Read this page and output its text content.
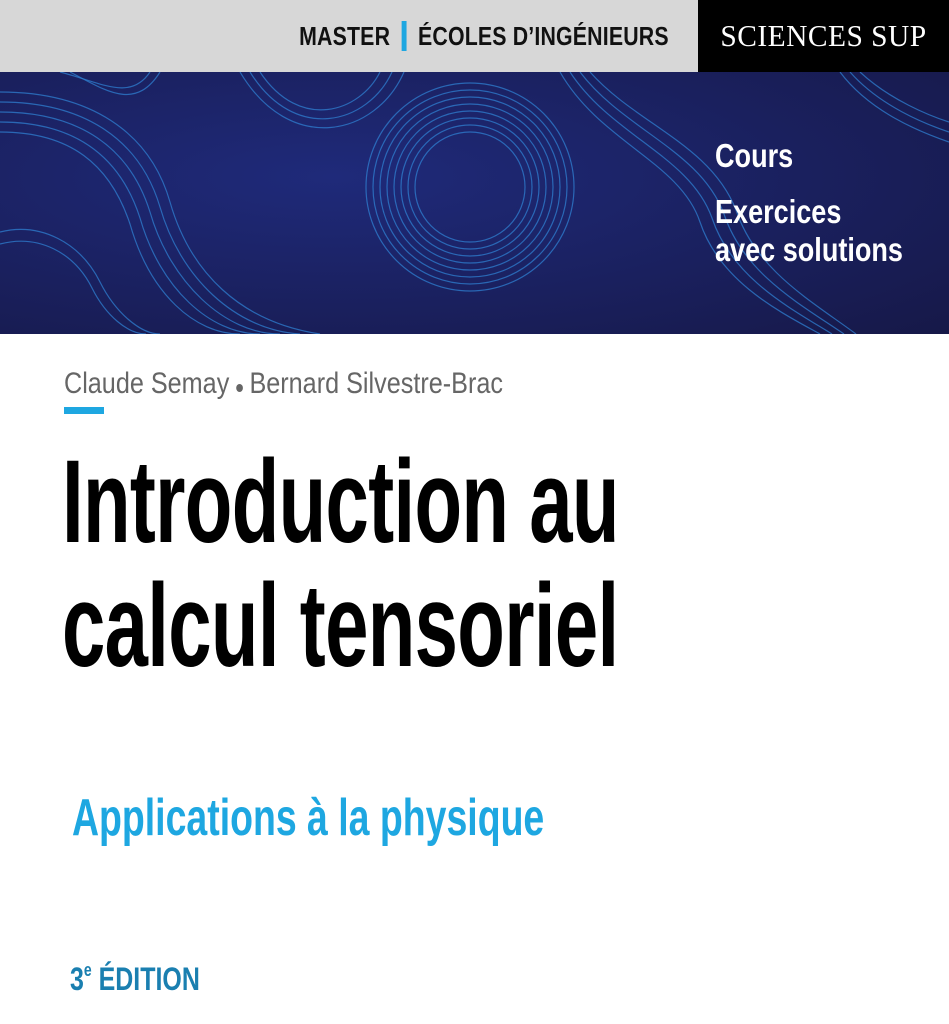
MASTER ÉCOLES D’INGÉNIEURS SCIENCES SUP
Cours
Exercices
avec solutions
Claude Semay Bernard Silvestre-Brac
Introduction au
calcul tensoriel
Applications à la physique
3e ÉDITION
